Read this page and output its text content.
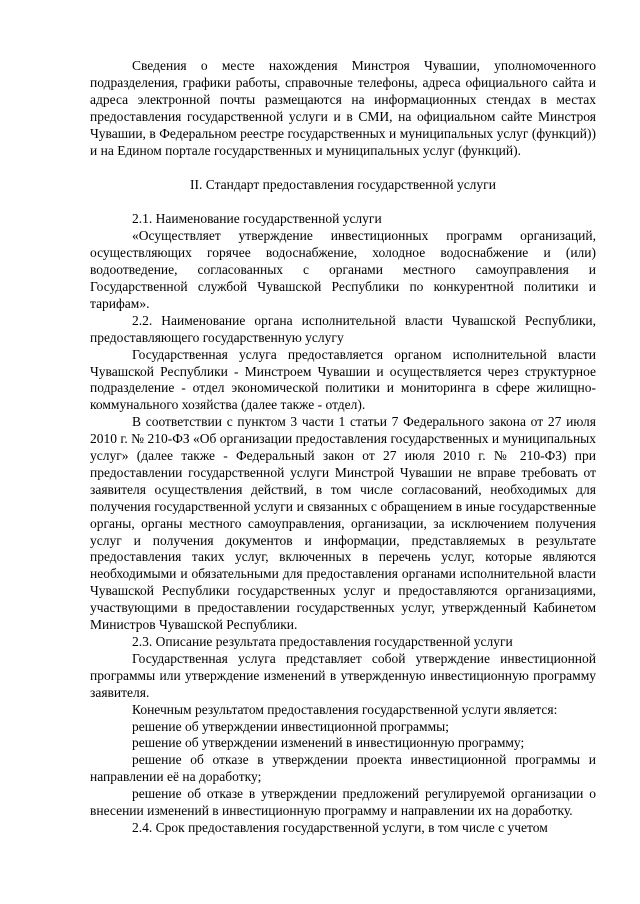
Сведения о месте нахождения Минстроя Чувашии, уполномоченного подразделения, графики работы, справочные телефоны, адреса официального сайта и адреса электронной почты размещаются на информационных стендах в местах предоставления государственной услуги и в СМИ, на официальном сайте Минстроя Чувашии, в Федеральном реестре государственных и муниципальных услуг (функций)) и на Едином портале государственных и муниципальных услуг (функций).

II. Стандарт предоставления государственной услуги

2.1. Наименование государственной услуги

«Осуществляет утверждение инвестиционных программ организаций, осуществляющих горячее водоснабжение, холодное водоснабжение и (или) водоотведение, согласованных с органами местного самоуправления и Государственной службой Чувашской Республики по конкурентной политики и тарифам».

2.2. Наименование органа исполнительной власти Чувашской Республики, предоставляющего государственную услугу

Государственная услуга предоставляется органом исполнительной власти Чувашской Республики - Минстроем Чувашии и осуществляется через структурное подразделение - отдел экономической политики и мониторинга в сфере жилищно-коммунального хозяйства (далее также - отдел).

В соответствии с пунктом 3 части 1 статьи 7 Федерального закона от 27 июля 2010 г. № 210-ФЗ «Об организации предоставления государственных и муниципальных услуг» (далее также - Федеральный закон от 27 июля 2010 г. № 210-ФЗ) при предоставлении государственной услуги Минстрой Чувашии не вправе требовать от заявителя осуществления действий, в том числе согласований, необходимых для получения государственной услуги и связанных с обращением в иные государственные органы, органы местного самоуправления, организации, за исключением получения услуг и получения документов и информации, представляемых в результате предоставления таких услуг, включенных в перечень услуг, которые являются необходимыми и обязательными для предоставления органами исполнительной власти Чувашской Республики государственных услуг и предоставляются организациями, участвующими в предоставлении государственных услуг, утвержденный Кабинетом Министров Чувашской Республики.

2.3. Описание результата предоставления государственной услуги

Государственная услуга представляет собой утверждение инвестиционной программы или утверждение изменений в утвержденную инвестиционную программу заявителя.

Конечным результатом предоставления государственной услуги является:

решение об утверждении инвестиционной программы;

решение об утверждении изменений в инвестиционную программу;

решение об отказе в утверждении проекта инвестиционной программы и направлении её на доработку;

решение об отказе в утверждении предложений регулируемой организации о внесении изменений в инвестиционную программу и направлении их на доработку.

2.4. Срок предоставления государственной услуги, в том числе с учетом
